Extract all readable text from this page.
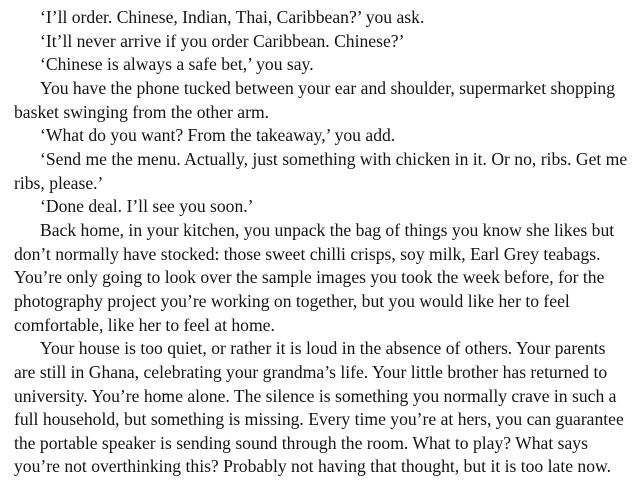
‘I’ll order. Chinese, Indian, Thai, Caribbean?’ you ask.

‘It’ll never arrive if you order Caribbean. Chinese?’

‘Chinese is always a safe bet,’ you say.

You have the phone tucked between your ear and shoulder, supermarket shopping basket swinging from the other arm.

‘What do you want? From the takeaway,’ you add.

‘Send me the menu. Actually, just something with chicken in it. Or no, ribs. Get me ribs, please.’

‘Done deal. I’ll see you soon.’

Back home, in your kitchen, you unpack the bag of things you know she likes but don’t normally have stocked: those sweet chilli crisps, soy milk, Earl Grey teabags. You’re only going to look over the sample images you took the week before, for the photography project you’re working on together, but you would like her to feel comfortable, like her to feel at home.

Your house is too quiet, or rather it is loud in the absence of others. Your parents are still in Ghana, celebrating your grandma’s life. Your little brother has returned to university. You’re home alone. The silence is something you normally crave in such a full household, but something is missing. Every time you’re at hers, you can guarantee the portable speaker is sending sound through the room. What to play? What says you’re not overthinking this? Probably not having that thought, but it is too late now.
